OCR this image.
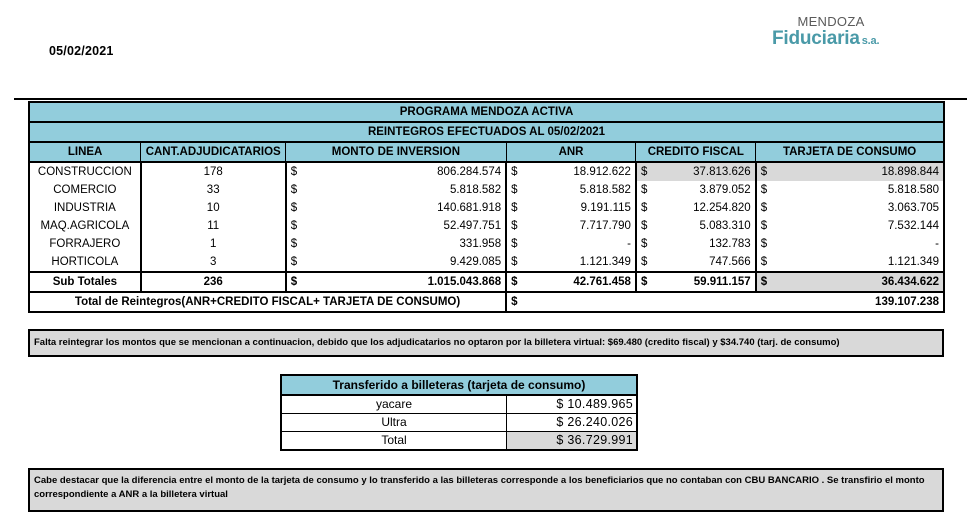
05/02/2021
MENDOZA
Fiduciaria s.a.
PROGRAMA MENDOZA ACTIVA									
REINTEGROS EFECTUADOS AL 05/02/2021									
LINEA	CANT.ADJUDICATARIOS	MONTO DE INVERSION		ANR		CREDITO FISCAL		TARJETA DE CONSUMO	
CONSTRUCCION	178	$	806.284.574	$	18.912.622	$	37.813.626	$	18.898.844
COMERCIO	33	$	5.818.582	$	5.818.582	$	3.879.052	$	5.818.580
INDUSTRIA	10	$	140.681.918	$	9.191.115	$	12.254.820	$	3.063.705
MAQ.AGRICOLA	11	$	52.497.751	$	7.717.790	$	5.083.310	$	7.532.144
FORRAJERO	1	$	331.958	$	-	$	132.783	$	-
HORTICOLA	3	$	9.429.085	$	1.121.349	$	747.566	$	1.121.349
Sub Totales	236	$	1.015.043.868	$	42.761.458	$	59.911.157	$	36.434.622
Total de Reintegros(ANR+CREDITO FISCAL+ TARJETA DE CONSUMO)				$	139.107.238				
Falta reintegrar los montos que se mencionan a continuacion, debido que los adjudicatarios no optaron por la billetera virtual: $69.480 (credito fiscal) y $34.740 (tarj. de consumo)
Transferido a billeteras (tarjeta de consumo)	
yacare	$ 10.489.965
Ultra	$ 26.240.026
Total	$ 36.729.991
Cabe destacar que la diferencia entre el monto de la tarjeta de consumo y lo transferido a las billeteras corresponde a los beneficiarios que no contaban con CBU BANCARIO . Se transfirio el monto
correspondiente a ANR a la billetera virtual
